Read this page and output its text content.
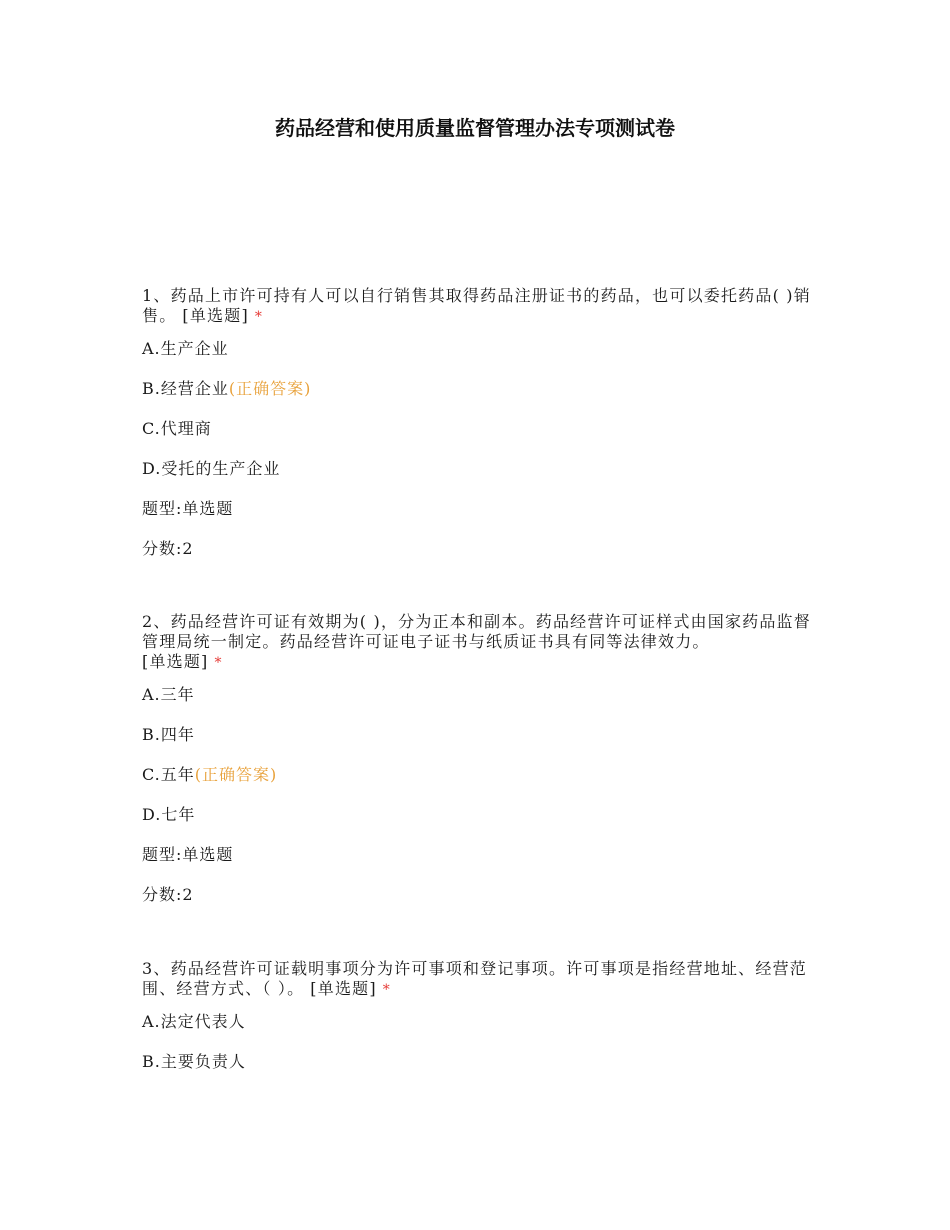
药品经营和使用质量监督管理办法专项测试卷
1、药品上市许可持有人可以自行销售其取得药品注册证书的药品，也可以委托药品( )销售。 [单选题] *
A.生产企业
B.经营企业(正确答案)
C.代理商
D.受托的生产企业
题型:单选题
分数:2
2、药品经营许可证有效期为( )，分为正本和副本。药品经营许可证样式由国家药品监督管理局统一制定。药品经营许可证电子证书与纸质证书具有同等法律效力。
[单选题] *
A.三年
B.四年
C.五年(正确答案)
D.七年
题型:单选题
分数:2
3、药品经营许可证载明事项分为许可事项和登记事项。许可事项是指经营地址、经营范围、经营方式、（ ）。 [单选题] *
A.法定代表人
B.主要负责人
